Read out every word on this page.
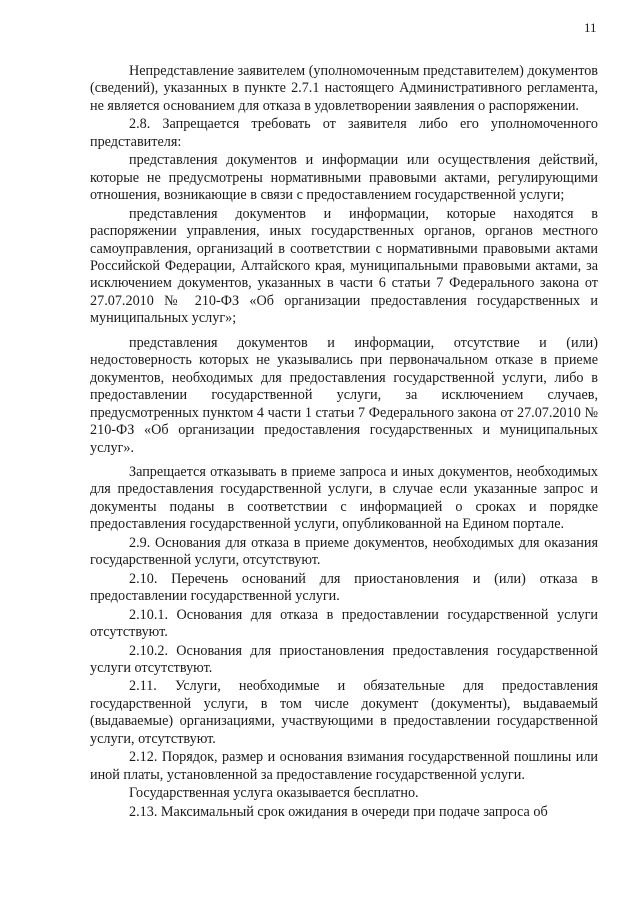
11

Непредставление заявителем (уполномоченным представителем) документов (сведений), указанных в пункте 2.7.1 настоящего Административного регламента, не является основанием для отказа в удовлетворении заявления о распоряжении.

2.8. Запрещается требовать от заявителя либо его уполномоченного представителя:

представления документов и информации или осуществления действий, которые не предусмотрены нормативными правовыми актами, регулирующими отношения, возникающие в связи с предоставлением государственной услуги;

представления документов и информации, которые находятся в распоряжении управления, иных государственных органов, органов местного самоуправления, организаций в соответствии с нормативными правовыми актами Российской Федерации, Алтайского края, муниципальными правовыми актами, за исключением документов, указанных в части 6 статьи 7 Федерального закона от 27.07.2010 № 210-ФЗ «Об организации предоставления государственных и муниципальных услуг»;

представления документов и информации, отсутствие и (или) недостоверность которых не указывались при первоначальном отказе в приеме документов, необходимых для предоставления государственной услуги, либо в предоставлении государственной услуги, за исключением случаев, предусмотренных пунктом 4 части 1 статьи 7 Федерального закона от 27.07.2010 № 210-ФЗ «Об организации предоставления государственных и муниципальных услуг».

Запрещается отказывать в приеме запроса и иных документов, необходимых для предоставления государственной услуги, в случае если указанные запрос и документы поданы в соответствии с информацией о сроках и порядке предоставления государственной услуги, опубликованной на Едином портале.

2.9. Основания для отказа в приеме документов, необходимых для оказания государственной услуги, отсутствуют.

2.10. Перечень оснований для приостановления и (или) отказа в предоставлении государственной услуги.

2.10.1. Основания для отказа в предоставлении государственной услуги отсутствуют.

2.10.2. Основания для приостановления предоставления государственной услуги отсутствуют.

2.11. Услуги, необходимые и обязательные для предоставления государственной услуги, в том числе документ (документы), выдаваемый (выдаваемые) организациями, участвующими в предоставлении государственной услуги, отсутствуют.

2.12. Порядок, размер и основания взимания государственной пошлины или иной платы, установленной за предоставление государственной услуги.

Государственная услуга оказывается бесплатно.

2.13. Максимальный срок ожидания в очереди при подаче запроса об
